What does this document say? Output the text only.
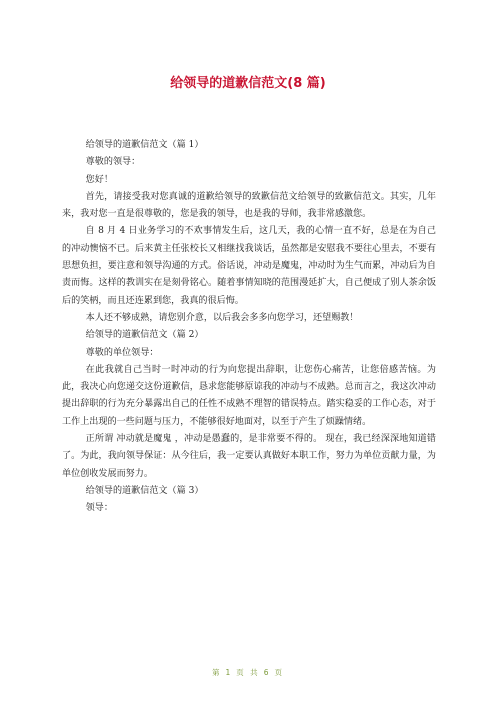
给领导的道歉信范文(8 篇)

给领导的道歉信范文（篇 1）

尊敬的领导：

您好！

首先，请接受我对您真诚的道歉给领导的致歉信范文给领导的致歉信范文。其实，几年来，我对您一直是很尊敬的，您是我的领导，也是我的导师，我非常感激您。

自 8 月 4 日业务学习的不欢事情发生后，这几天，我的心情一直不好，总是在为自己的冲动懊恼不已。后来黄主任张校长又相继找我谈话，虽然都是安慰我不要往心里去，不要有思想负担，要注意和领导沟通的方式。俗话说，冲动是魔鬼，冲动时为生气而累，冲动后为自责而悔。这样的教训实在是刻骨铭心。随着事情知晓的范围漫延扩大，自己便成了别人茶余饭后的笑柄，而且还连累到您，我真的很后悔。

本人还不够成熟，请您别介意，以后我会多多向您学习，还望赐教！

给领导的道歉信范文（篇 2）

尊敬的单位领导：

在此我就自己当时一时冲动的行为向您提出辞职，让您伤心痛苦，让您倍感苦恼。为此，我决心向您递交这份道歉信，恳求您能够原谅我的冲动与不成熟。总而言之，我这次冲动提出辞职的行为充分暴露出自己的任性不成熟不理智的错误特点。踏实稳妥的工作心态，对于工作上出现的一些问题与压力，不能够很好地面对，以至于产生了烦躁情绪。

正所谓 冲动就是魔鬼 ，冲动是愚蠢的，是非常要不得的。 现在，我已经深深地知道错了。为此，我向领导保证：从今往后，我一定要认真做好本职工作，努力为单位贡献力量，为单位创收发展而努力。

给领导的道歉信范文（篇 3）

领导：

第 1 页 共 6 页
